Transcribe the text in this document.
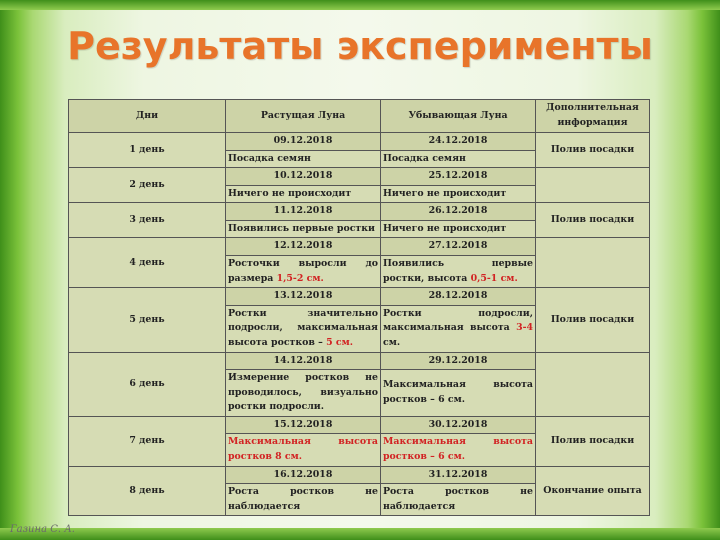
Результаты эксперименты
Дни	Растущая Луна	Убывающая Луна	Дополнительная информация
1 день	09.12.2018	24.12.2018	Полив посадки
	Посадка семян	Посадка семян	
2 день	10.12.2018	25.12.2018	
	Ничего не происходит	Ничего не происходит	
3 день	11.12.2018	26.12.2018	Полив посадки
	Появились первые ростки	Ничего не происходит	
4 день	12.12.2018	27.12.2018	
	Росточки выросли до размера 1,5-2 см.	Появились первые ростки, высота 0,5-1 см.	
5 день	13.12.2018	28.12.2018	Полив посадки
	Ростки значительно подросли, максимальная высота ростков – 5 см.	Ростки подросли, максимальная высота 3-4 см.	
6 день	14.12.2018	29.12.2018	
	Измерение ростков не проводилось, визуально ростки подросли.	Максимальная высота ростков – 6 см.	
7 день	15.12.2018	30.12.2018	Полив посадки
	Максимальная высота ростков 8 см.	Максимальная высота ростков – 6 см.	
8 день	16.12.2018	31.12.2018	Окончание опыта
	Роста ростков не наблюдается	Роста ростков не наблюдается	
Газина С. А.
